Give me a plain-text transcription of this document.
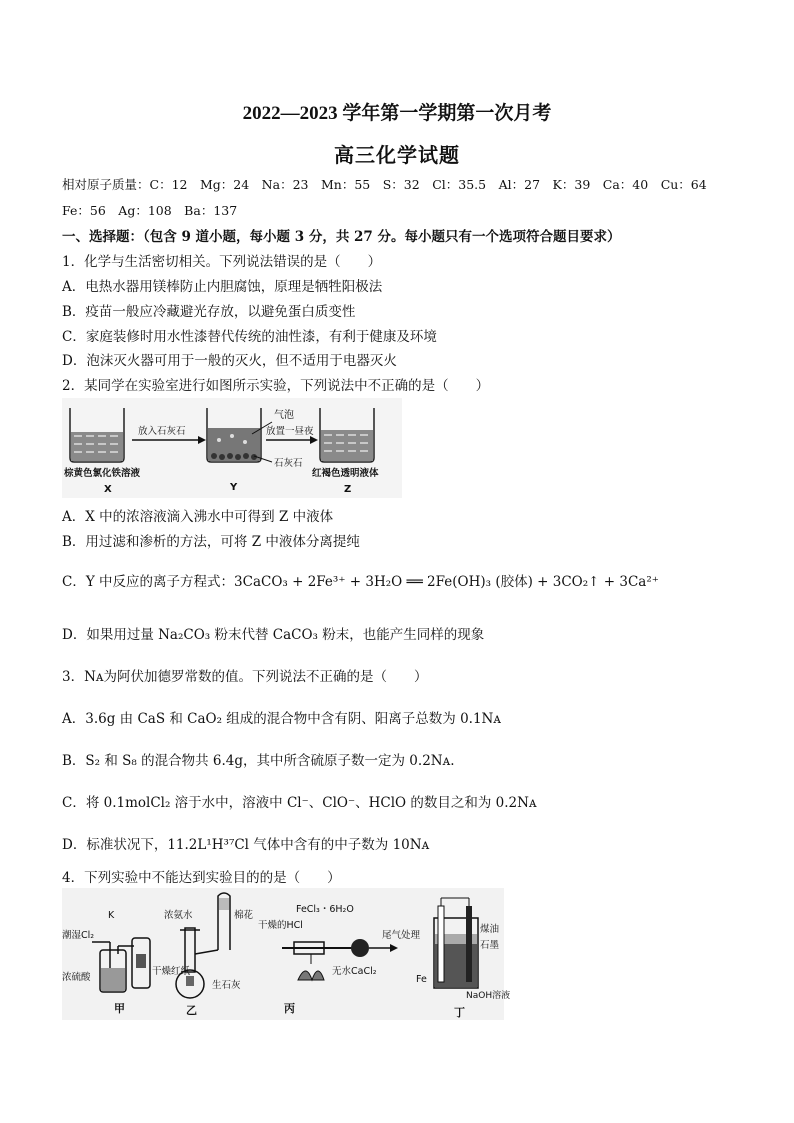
2022—2023 学年第一学期第一次月考
高三化学试题
相对原子质量：C：12　Mg：24　Na：23　Mn：55　S：32　Cl：35.5　Al：27　K：39　Ca：40　Cu：64
Fe：56　Ag：108　Ba：137
一、选择题：（包含 9 道小题，每小题 3 分，共 27 分。每小题只有一个选项符合题目要求）
1．化学与生活密切相关。下列说法错误的是（　　）
A．电热水器用镁棒防止内胆腐蚀，原理是牺牲阳极法
B．疫苗一般应冷藏避光存放，以避免蛋白质变性
C．家庭装修时用水性漆替代传统的油性漆，有利于健康及环境
D．泡沫灭火器可用于一般的灭火，但不适用于电器灭火
2．某同学在实验室进行如图所示实验，下列说法中不正确的是（　　）
气泡
放入石灰石	放置一昼夜
石灰石
棕黄色氯化铁溶液	红褐色透明液体
X	Y	Z
A．X 中的浓溶液滴入沸水中可得到 Z 中液体
B．用过滤和渗析的方法，可将 Z 中液体分离提纯
C．Y 中反应的离子方程式：3CaCO₃ + 2Fe³⁺ + 3H₂O ══ 2Fe(OH)₃ (胶体) + 3CO₂↑ + 3Ca²⁺
D．如果用过量 Na₂CO₃ 粉末代替 CaCO₃ 粉末，也能产生同样的现象
3．Nᴀ为阿伏加德罗常数的值。下列说法不正确的是（　　）
A．3.6g 由 CaS 和 CaO₂ 组成的混合物中含有阴、阳离子总数为 0.1Nᴀ
B．S₂ 和 S₈ 的混合物共 6.4g，其中所含硫原子数一定为 0.2Nᴀ.
C．将 0.1molCl₂ 溶于水中，溶液中 Cl⁻、ClO⁻、HClO 的数目之和为 0.2Nᴀ
D．标准状况下，11.2L¹H³⁷Cl 气体中含有的中子数为 10Nᴀ
4．下列实验中不能达到实验目的的是（　　）
潮湿Cl₂
K
浓硫酸
干燥红纸
甲
浓氨水	棉花
生石灰
乙
干燥的HCl
FeCl₃・6H₂O
无水CaCl₂
尾气处理
丙
煤油
石墨
NaOH溶液
Fe
丁
